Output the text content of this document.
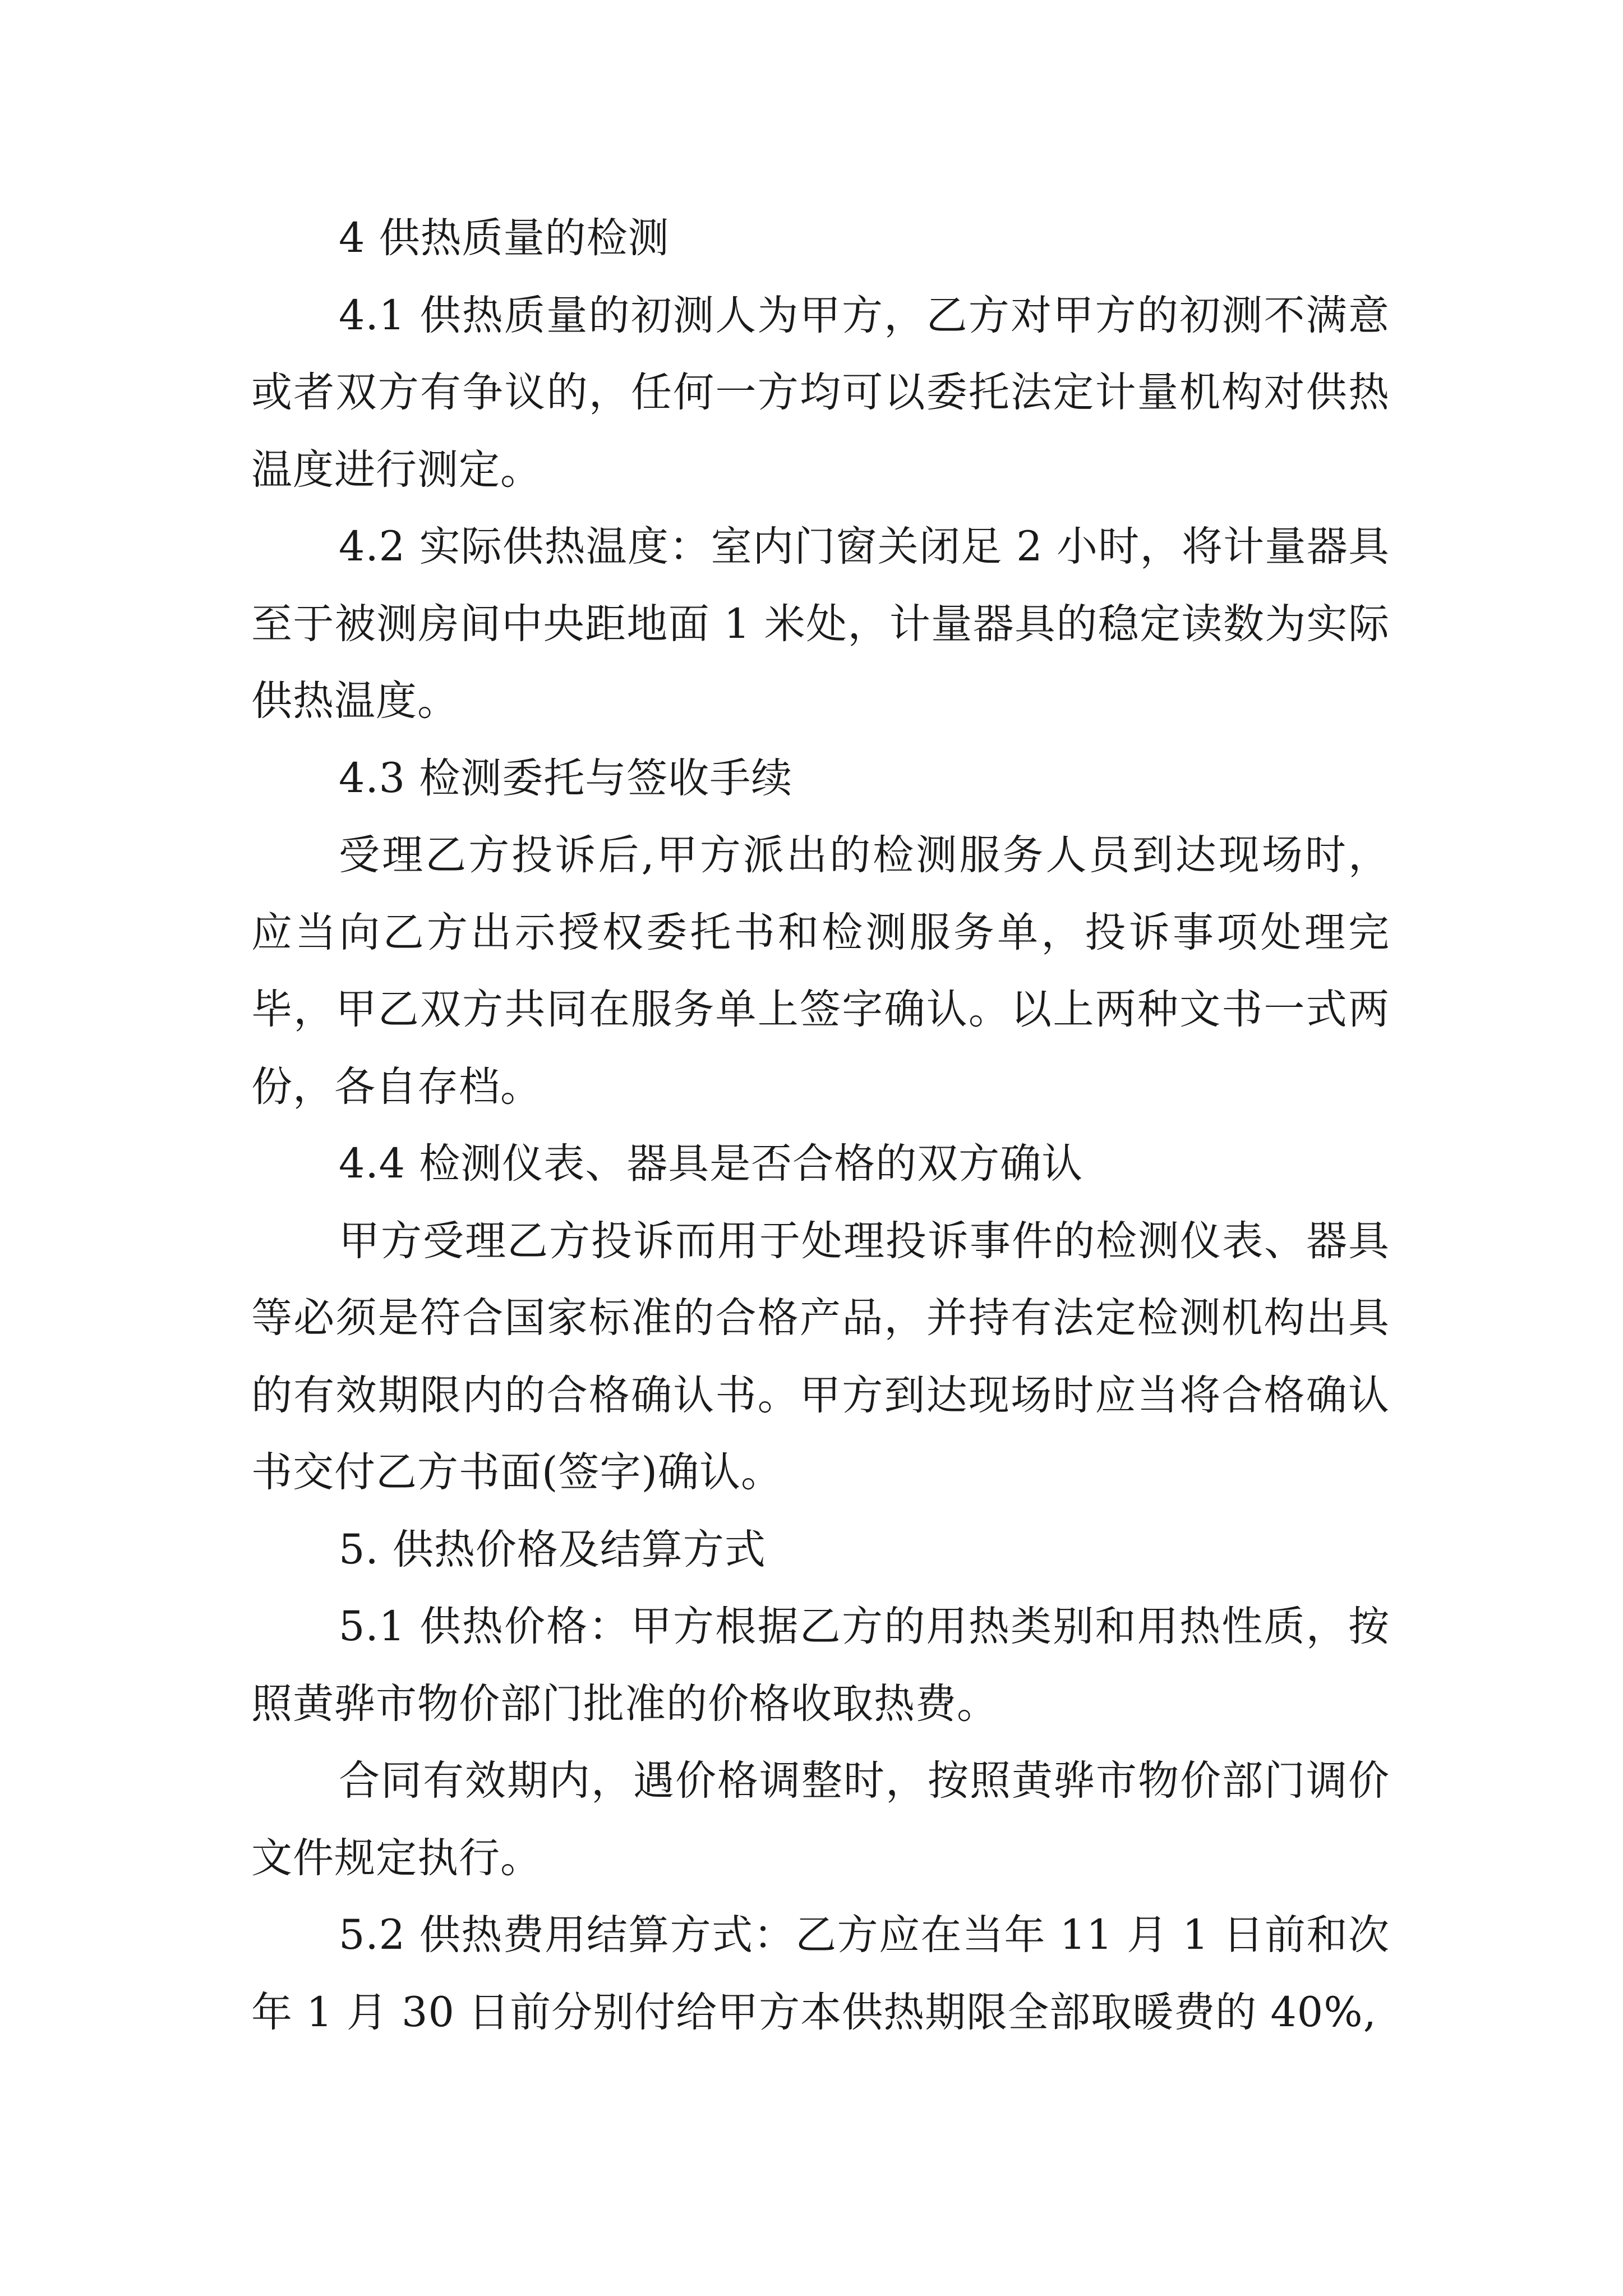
4 供热质量的检测

4.1 供热质量的初测人为甲方，乙方对甲方的初测不满意或者双方有争议的，任何一方均可以委托法定计量机构对供热温度进行测定。

4.2 实际供热温度：室内门窗关闭足 2 小时，将计量器具至于被测房间中央距地面 1 米处，计量器具的稳定读数为实际供热温度。

4.3 检测委托与签收手续

受理乙方投诉后,甲方派出的检测服务人员到达现场时，应当向乙方出示授权委托书和检测服务单，投诉事项处理完毕，甲乙双方共同在服务单上签字确认。以上两种文书一式两份，各自存档。

4.4 检测仪表、器具是否合格的双方确认

甲方受理乙方投诉而用于处理投诉事件的检测仪表、器具等必须是符合国家标准的合格产品，并持有法定检测机构出具的有效期限内的合格确认书。甲方到达现场时应当将合格确认书交付乙方书面(签字)确认。

5. 供热价格及结算方式

5.1 供热价格：甲方根据乙方的用热类别和用热性质，按照黄骅市物价部门批准的价格收取热费。

合同有效期内，遇价格调整时，按照黄骅市物价部门调价文件规定执行。

5.2 供热费用结算方式：乙方应在当年 11 月 1 日前和次年 1 月 30 日前分别付给甲方本供热期限全部取暖费的 40%,
